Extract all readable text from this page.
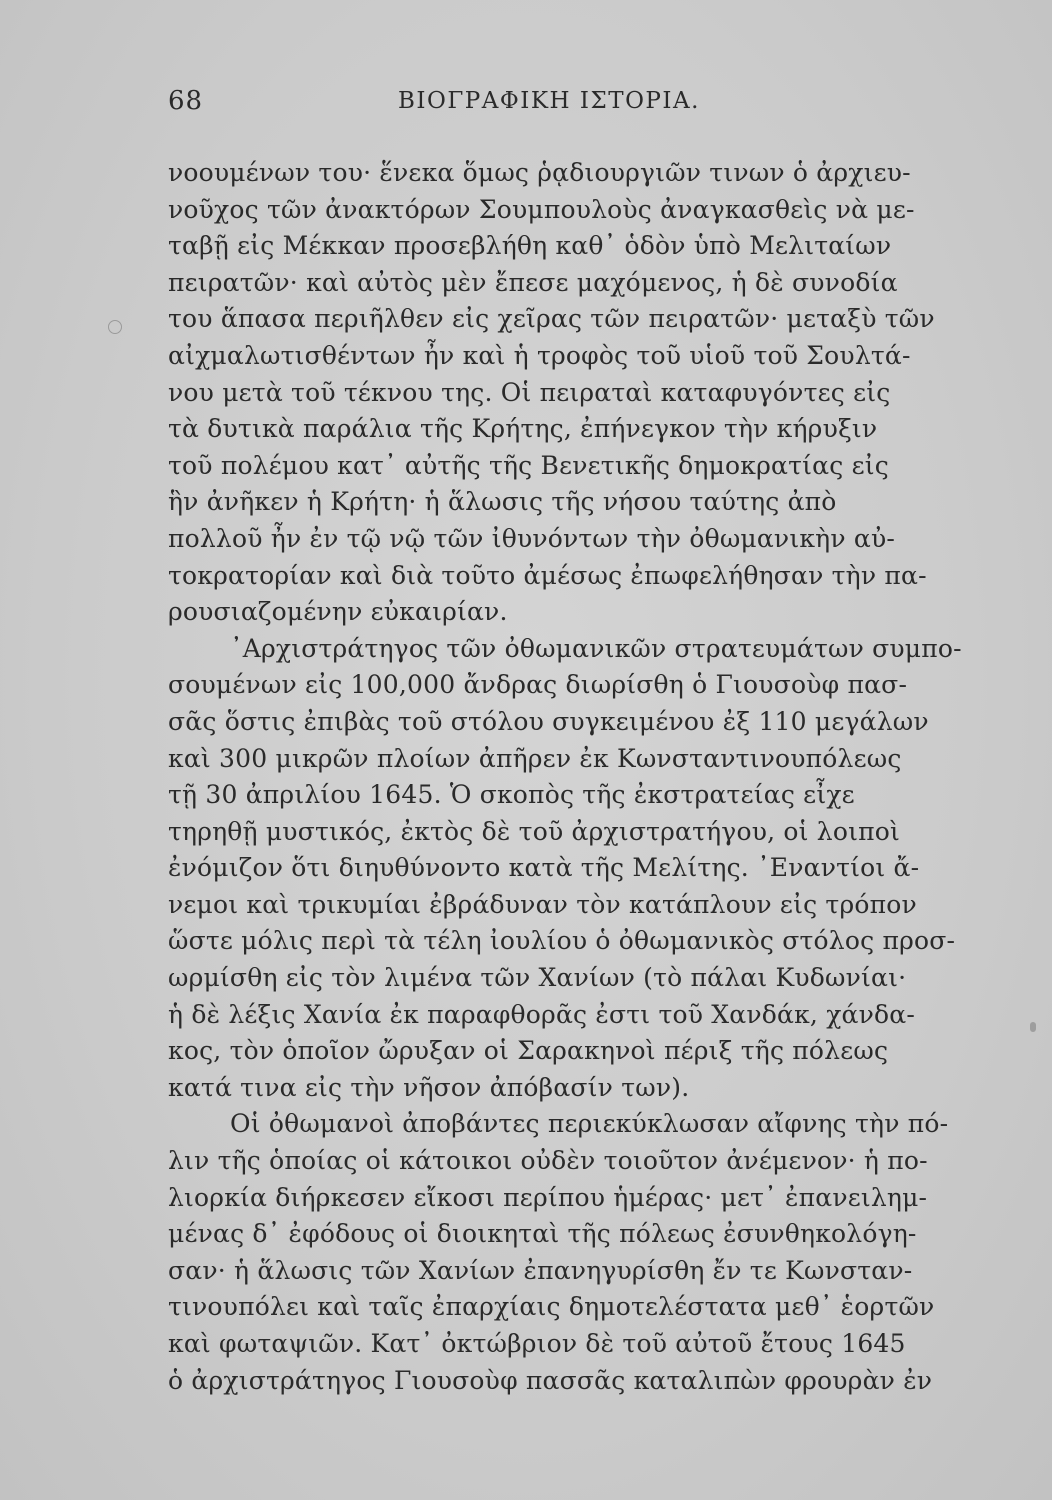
68	ΒΙΟΓΡΑΦΙΚΗ ΙΣΤΟΡΙΑ.
νοουμένων του· ἕνεκα ὅμως ῥᾳδιουργιῶν τινων ὁ ἀρχιευ-
νοῦχος τῶν ἀνακτόρων Σουμπουλοὺς ἀναγκασθεὶς νὰ με-
ταβῇ εἰς Μέκκαν προσεβλήθη καθ᾿ ὁδὸν ὑπὸ Μελιταίων
πειρατῶν· καὶ αὐτὸς μὲν ἔπεσε μαχόμενος, ἡ δὲ συνοδία
του ἅπασα περιῆλθεν εἰς χεῖρας τῶν πειρατῶν· μεταξὺ τῶν
αἰχμαλωτισθέντων ἦν καὶ ἡ τροφὸς τοῦ υἱοῦ τοῦ Σουλτά-
νου μετὰ τοῦ τέκνου της. Οἱ πειραταὶ καταφυγόντες εἰς
τὰ δυτικὰ παράλια τῆς Κρήτης, ἐπήνεγκον τὴν κήρυξιν
τοῦ πολέμου κατ᾿ αὐτῆς τῆς Βενετικῆς δημοκρατίας εἰς
ἣν ἀνῆκεν ἡ Κρήτη· ἡ ἅλωσις τῆς νήσου ταύτης ἀπὸ
πολλοῦ ἦν ἐν τῷ νῷ τῶν ἰθυνόντων τὴν ὀθωμανικὴν αὐ-
τοκρατορίαν καὶ διὰ τοῦτο ἀμέσως ἐπωφελήθησαν τὴν πα-
ρουσιαζομένην εὐκαιρίαν.
᾿Αρχιστράτηγος τῶν ὀθωμανικῶν στρατευμάτων συμπο-
σουμένων εἰς 100,000 ἄνδρας διωρίσθη ὁ Γιουσοὺφ πασ-
σᾶς ὅστις ἐπιβὰς τοῦ στόλου συγκειμένου ἐξ 110 μεγάλων
καὶ 300 μικρῶν πλοίων ἀπῆρεν ἐκ Κωνσταντινουπόλεως
τῇ 30 ἀπριλίου 1645. Ὁ σκοπὸς τῆς ἐκστρατείας εἶχε
τηρηθῇ μυστικός, ἐκτὸς δὲ τοῦ ἀρχιστρατήγου, οἱ λοιποὶ
ἐνόμιζον ὅτι διηυθύνοντο κατὰ τῆς Μελίτης. ᾿Εναντίοι ἄ-
νεμοι καὶ τρικυμίαι ἐβράδυναν τὸν κατάπλουν εἰς τρόπον
ὥστε μόλις περὶ τὰ τέλη ἰουλίου ὁ ὀθωμανικὸς στόλος προσ-
ωρμίσθη εἰς τὸν λιμένα τῶν Χανίων (τὸ πάλαι Κυδωνίαι·
ἡ δὲ λέξις Χανία ἐκ παραφθορᾶς ἐστι τοῦ Χανδάκ, χάνδα-
κος, τὸν ὁποῖον ὤρυξαν οἱ Σαρακηνοὶ πέριξ τῆς πόλεως
κατά τινα εἰς τὴν νῆσον ἀπόβασίν των).
Οἱ ὀθωμανοὶ ἀποβάντες περιεκύκλωσαν αἴφνης τὴν πό-
λιν τῆς ὁποίας οἱ κάτοικοι οὐδὲν τοιοῦτον ἀνέμενον· ἡ πο-
λιορκία διήρκεσεν εἴκοσι περίπου ἡμέρας· μετ᾿ ἐπανειλημ-
μένας δ᾿ ἐφόδους οἱ διοικηταὶ τῆς πόλεως ἐσυνθηκολόγη-
σαν· ἡ ἅλωσις τῶν Χανίων ἐπανηγυρίσθη ἔν τε Κωνσταν-
τινουπόλει καὶ ταῖς ἐπαρχίαις δημοτελέστατα μεθ᾿ ἑορτῶν
καὶ φωταψιῶν. Κατ᾿ ὀκτώβριον δὲ τοῦ αὐτοῦ ἔτους 1645
ὁ ἀρχιστράτηγος Γιουσοὺφ πασσᾶς καταλιπὼν φρουρὰν ἐν
